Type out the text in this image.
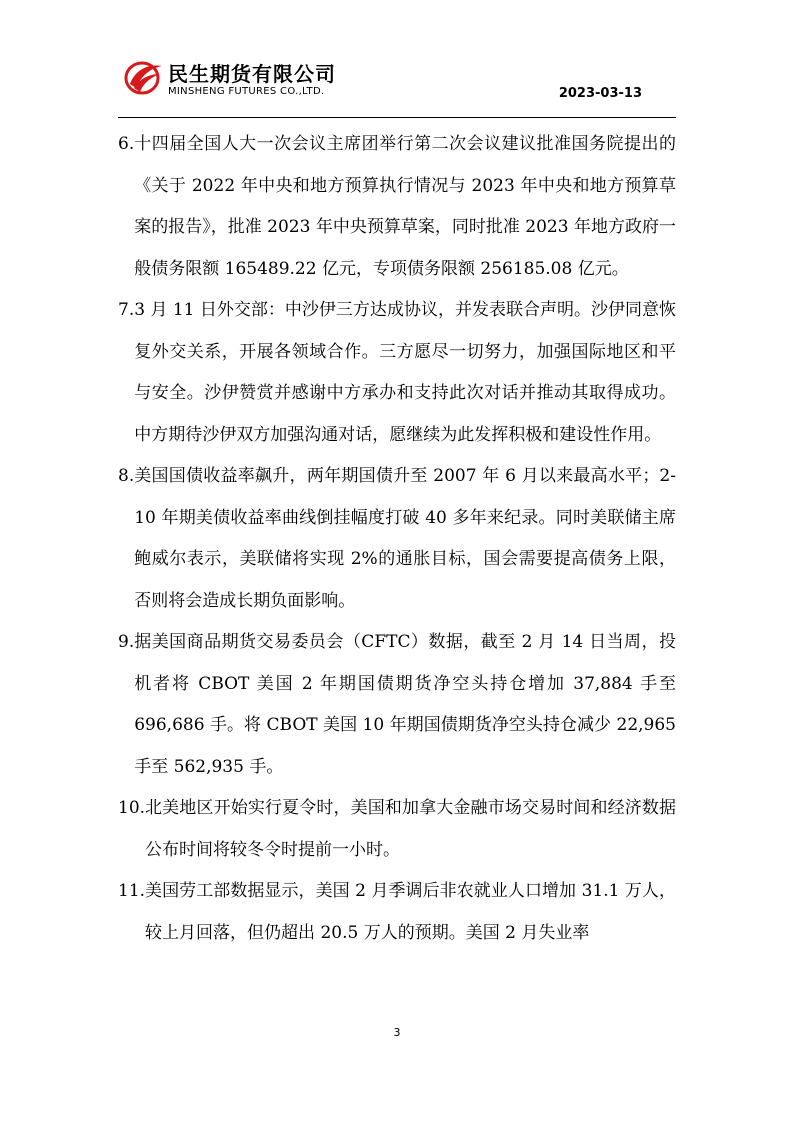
民生期货有限公司
MINSHENG FUTURES CO.,LTD.	2023-03-13
6. 十四届全国人大一次会议主席团举行第二次会议建议批准国务院提出的《关于 2022 年中央和地方预算执行情况与 2023 年中央和地方预算草案的报告》，批准 2023 年中央预算草案，同时批准 2023 年地方政府一般债务限额 165489.22 亿元，专项债务限额 256185.08 亿元。
7. 3 月 11 日外交部：中沙伊三方达成协议，并发表联合声明。沙伊同意恢复外交关系，开展各领域合作。三方愿尽一切努力，加强国际地区和平与安全。沙伊赞赏并感谢中方承办和支持此次对话并推动其取得成功。中方期待沙伊双方加强沟通对话，愿继续为此发挥积极和建设性作用。
8. 美国国债收益率飙升，两年期国债升至 2007 年 6 月以来最高水平；2-10 年期美债收益率曲线倒挂幅度打破 40 多年来纪录。同时美联储主席鲍威尔表示，美联储将实现 2%的通胀目标，国会需要提高债务上限，否则将会造成长期负面影响。
9. 据美国商品期货交易委员会（CFTC）数据，截至 2 月 14 日当周，投机者将 CBOT 美国 2 年期国债期货净空头持仓增加 37,884 手至 696,686 手。将 CBOT 美国 10 年期国债期货净空头持仓减少 22,965 手至 562,935 手。
10. 北美地区开始实行夏令时，美国和加拿大金融市场交易时间和经济数据公布时间将较冬令时提前一小时。
11. 美国劳工部数据显示，美国 2 月季调后非农就业人口增加 31.1 万人，较上月回落，但仍超出 20.5 万人的预期。美国 2 月失业率
3
